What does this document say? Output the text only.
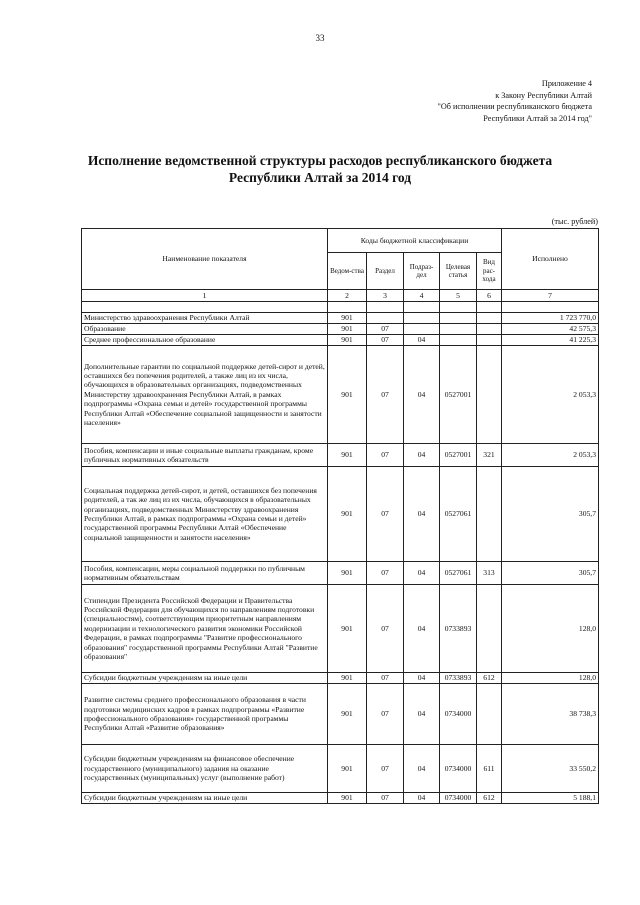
33
Приложение 4
к Закону Республики Алтай
"Об исполнении республиканского бюджета
Республики Алтай за 2014 год"
Исполнение ведомственной структуры расходов республиканского бюджета
Республики Алтай за 2014 год
(тыс. рублей)
Наименование показателя	Коды бюджетной классификации					Исполнено
	Ведом-ства	Раздел	Подраз-дел	Целевая статья	Вид рас-хода	
1	2	3	4	5	6	7

Министерство здравоохранения Республики Алтай	901					1 723 770,0
Образование	901	07				42 575,3
Среднее профессиональное образование	901	07	04			41 225,3
Дополнительные гарантии по социальной поддержке детей-сирот и детей, оставшихся без попечения родителей, а также лиц из их числа, обучающихся в образовательных организациях, подведомственных Министерству здравоохранения Республики Алтай, в рамках подпрограммы «Охрана семьи и детей» государственной программы Республики Алтай «Обеспечение социальной защищенности и занятости населения»	901	07	04	0527001		2 053,3
Пособия, компенсации и иные социальные выплаты гражданам, кроме публичных нормативных обязательств	901	07	04	0527001	321	2 053,3
Социальная поддержка детей-сирот, и детей, оставшихся без попечения родителей, а так же лиц из их числа, обучающихся в образовательных организациях, подведомственных Министерству здравоохранения Республики Алтай, в рамках подпрограммы «Охрана семьи и детей» государственной программы Республики Алтай «Обеспечение социальной защищенности и занятости населения»	901	07	04	0527061		305,7
Пособия, компенсации, меры социальной поддержки по публичным нормативным обязательствам	901	07	04	0527061	313	305,7
Стипендии Президента Российской Федерации и Правительства Российской Федерации для обучающихся по направлениям подготовки (специальностям), соответствующим приоритетным направлениям модернизации и технологического развития экономики Российской Федерации, в рамках подпрограммы "Развитие профессионального образования" государственной программы Республики Алтай "Развитие образования"	901	07	04	0733893		128,0
Субсидии бюджетным учреждениям на иные цели	901	07	04	0733893	612	128,0
Развитие системы среднего профессионального образования в части подготовки медицинских кадров в рамках подпрограммы «Развитие профессионального образования» государственной программы Республики Алтай «Развитие образования»	901	07	04	0734000		38 738,3
Субсидии бюджетным учреждениям на финансовое обеспечение государственного (муниципального) задания на оказание государственных (муниципальных) услуг (выполнение работ)	901	07	04	0734000	611	33 550,2
Субсидии бюджетным учреждениям на иные цели	901	07	04	0734000	612	5 188,1
